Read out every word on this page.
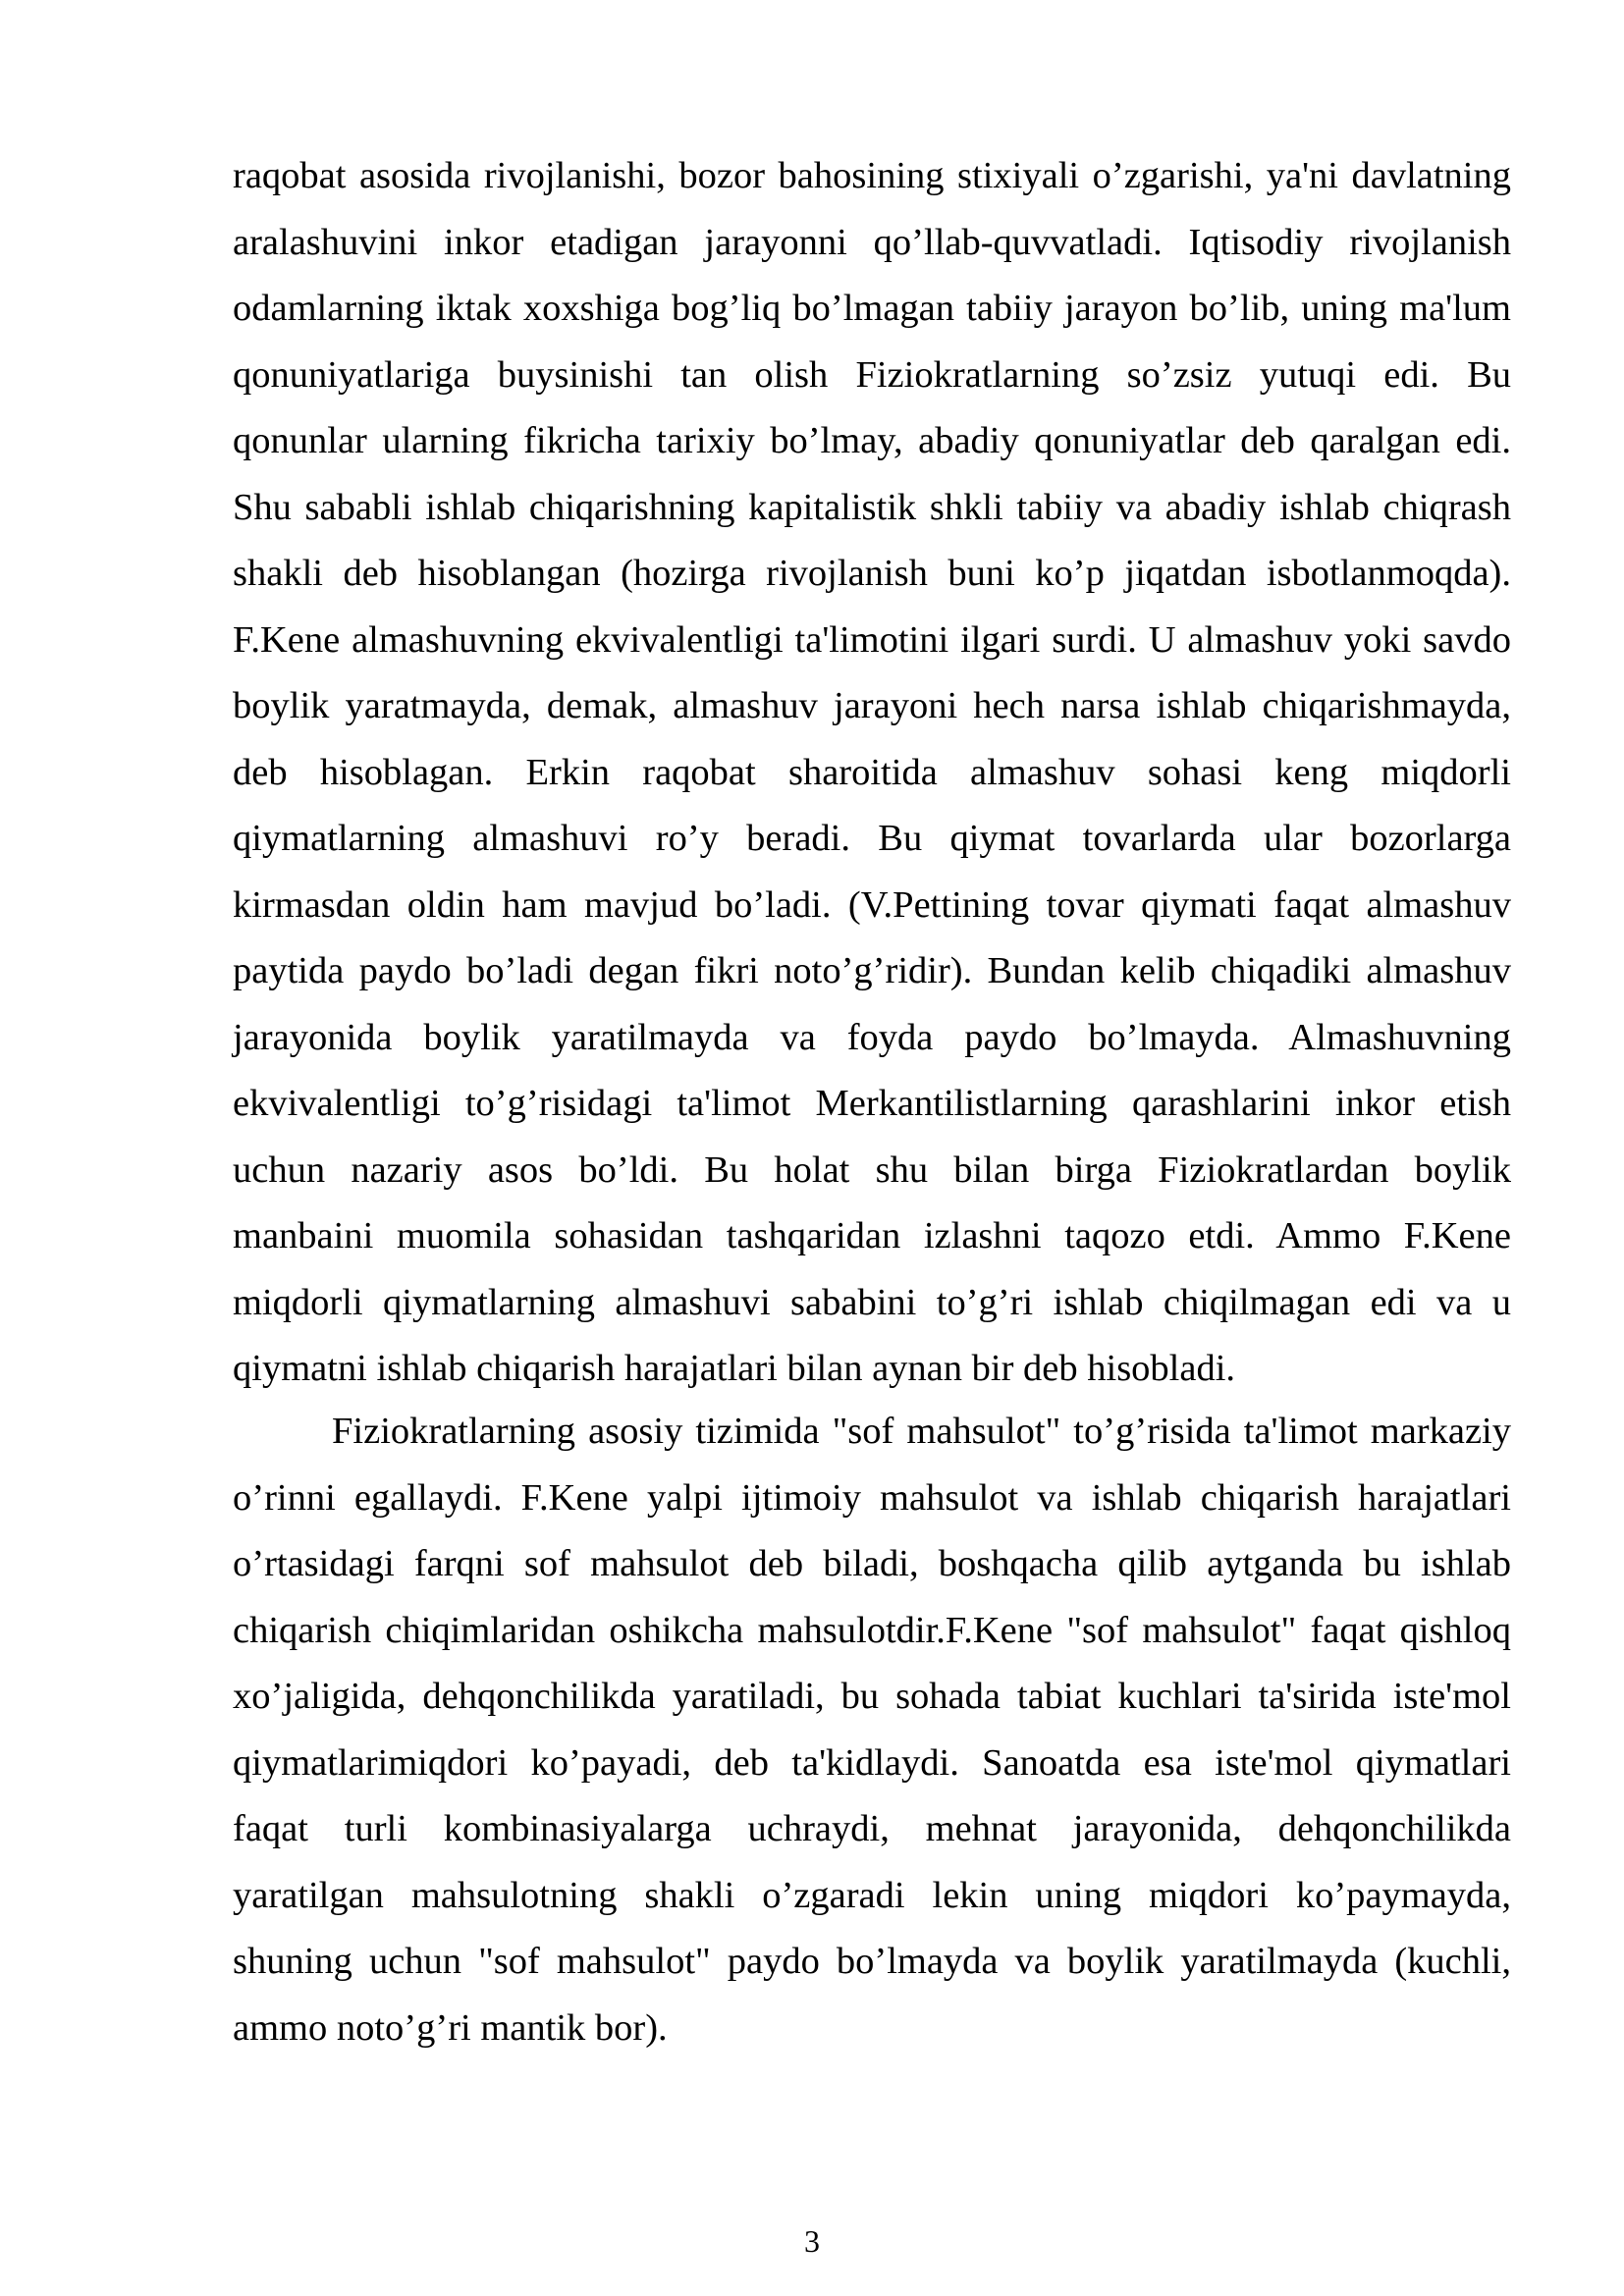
raqobat asosida rivojlanishi, bozor bahosining stixiyali o’zgarishi, ya'ni davlatning
aralashuvini inkor etadigan jarayonni qo’llab-quvvatladi. Iqtisodiy rivojlanish
odamlarning iktak xoxshiga bog’liq bo’lmagan tabiiy jarayon bo’lib, uning ma'lum
qonuniyatlariga buysinishi tan olish Fiziokratlarning so’zsiz yutuqi edi. Bu
qonunlar ularning fikricha tarixiy bo’lmay, abadiy qonuniyatlar deb qaralgan edi.
Shu sababli ishlab chiqarishning kapitalistik shkli tabiiy va abadiy ishlab chiqrash
shakli deb hisoblangan (hozirga rivojlanish buni ko’p jiqatdan isbotlanmoqda).
F.Kene almashuvning ekvivalentligi ta'limotini ilgari surdi. U almashuv yoki savdo
boylik yaratmayda, demak, almashuv jarayoni hech narsa ishlab chiqarishmayda,
deb hisoblagan. Erkin raqobat sharoitida almashuv sohasi keng miqdorli
qiymatlarning almashuvi ro’y beradi. Bu qiymat tovarlarda ular bozorlarga
kirmasdan oldin ham mavjud bo’ladi. (V.Pettining tovar qiymati faqat almashuv
paytida paydo bo’ladi degan fikri noto’g’ridir). Bundan kelib chiqadiki almashuv
jarayonida boylik yaratilmayda va foyda paydo bo’lmayda. Almashuvning
ekvivalentligi to’g’risidagi ta'limot Merkantilistlarning qarashlarini inkor etish
uchun nazariy asos bo’ldi. Bu holat shu bilan birga Fiziokratlardan boylik
manbaini muomila sohasidan tashqaridan izlashni taqozo etdi. Ammo F.Kene
miqdorli qiymatlarning almashuvi sababini to’g’ri ishlab chiqilmagan edi va u
qiymatni ishlab chiqarish harajatlari bilan aynan bir deb hisobladi.
Fiziokratlarning asosiy tizimida "sof mahsulot" to’g’risida ta'limot markaziy
o’rinni egallaydi. F.Kene yalpi ijtimoiy mahsulot va ishlab chiqarish harajatlari
o’rtasidagi farqni sof mahsulot deb biladi, boshqacha qilib aytganda bu ishlab
chiqarish chiqimlaridan oshikcha mahsulotdir.F.Kene "sof mahsulot" faqat qishloq
xo’jaligida, dehqonchilikda yaratiladi, bu sohada tabiat kuchlari ta'sirida iste'mol
qiymatlarimiqdori ko’payadi, deb ta'kidlaydi. Sanoatda esa iste'mol qiymatlari
faqat turli kombinasiyalarga uchraydi, mehnat jarayonida, dehqonchilikda
yaratilgan mahsulotning shakli o’zgaradi lekin uning miqdori ko’paymayda,
shuning uchun "sof mahsulot" paydo bo’lmayda va boylik yaratilmayda (kuchli,
ammo noto’g’ri mantik bor).
3
